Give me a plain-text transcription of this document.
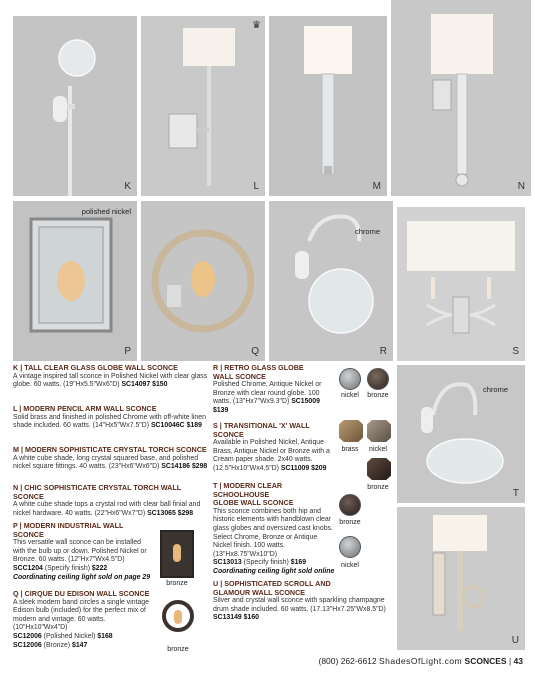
K
♛
L	M	N
polished nickel
P	Q
chrome
R	S
chrome
T
U
K | TALL CLEAR GLASS GLOBE WALL SCONCE
A vintage inspired tall sconce in Polished Nickel with clear glass globe. 60 watts. (19"Hx5.5"Wx6"D) SC14097 $150
L | MODERN PENCIL ARM WALL SCONCE
Solid brass and finished in polished Chrome with off-white linen shade included. 60 watts. (14"Hx5"Wx7.5"D) SC10046C $189
M | MODERN SOPHISTICATE CRYSTAL TORCH SCONCE
A white cube shade, long crystal squared base, and polished nickel square fittings. 40 watts. (23"Hx6"Wx6"D) SC14186 $298
N | CHIC SOPHISTICATE CRYSTAL TORCH WALL SCONCE
A white cube shade tops a crystal rod with clear ball finial and nickel hardware. 40 watts. (22"Hx6"Wx7"D) SC13065 $298
P | MODERN INDUSTRIAL WALL SCONCE
This versatile wall sconce can be installed with the bulb up or down. Polished Nickel or Bronze. 60 watts. (12"Hx7"Wx4.5"D)
SCC1204 (Specify finish) $222
Coordinating ceiling light sold on page 29
Q | CIRQUE DU EDISON WALL SCONCE
A sleek modern band circles a single vintage Edison bulb (included) for the perfect mix of modern and vintage. 60 watts. (10"Hx10"Wx4"D)
SC12006 (Polished Nickel) $168
SC12006 (Bronze) $147
bronze
bronze
R | RETRO GLASS GLOBE
WALL SCONCE
Polished Chrome, Antique Nickel or Bronze with clear round globe. 100 watts. (13"Hx7"Wx9.3"D) SC15009 $139
S | TRANSITIONAL 'X' WALL SCONCE
Available in Polished Nickel, Antique Brass, Antique Nickel or Bronze with a Cream paper shade. 2x40 watts. (12.5"Hx10"Wx4.5"D) SC11009 $209
T | MODERN CLEAR SCHOOLHOUSE
GLOBE WALL SCONCE
This sconce combines both hip and historic elements with handblown clear glass globes and oversized cast knobs. Select Chrome, Bronze or Antique Nickel finish. 100 watts. (13"Hx8.75"Wx10"D)
SC13013 (Specify finish) $169
Coordinating ceiling light sold online
U | SOPHISTICATED SCROLL AND
GLAMOUR WALL SCONCE
Silver and crystal wall sconce with sparkling champagne drum shade included. 60 watts. (17.13"Hx7.25"Wx8.5"D)
SC13149 $160
nickel	bronze
brass	nickel
bronze
bronze
nickel
(800) 262-6612 ShadesOfLight.com SCONCES | 43
